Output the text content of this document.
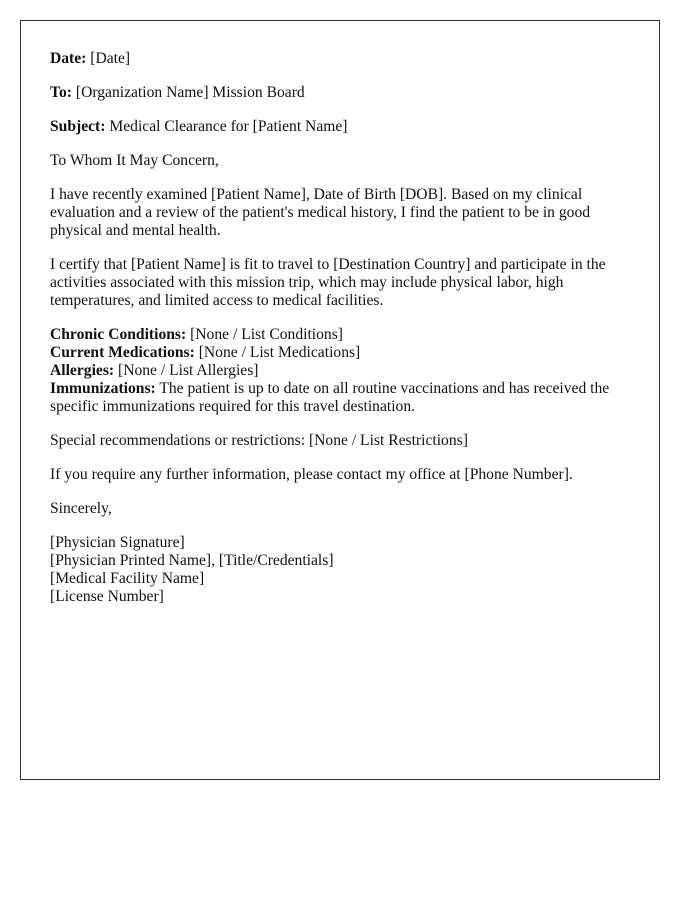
Date: [Date]

To: [Organization Name] Mission Board

Subject: Medical Clearance for [Patient Name]

To Whom It May Concern,

I have recently examined [Patient Name], Date of Birth [DOB]. Based on my clinical evaluation and a review of the patient's medical history, I find the patient to be in good physical and mental health.

I certify that [Patient Name] is fit to travel to [Destination Country] and participate in the activities associated with this mission trip, which may include physical labor, high temperatures, and limited access to medical facilities.

Chronic Conditions: [None / List Conditions]
Current Medications: [None / List Medications]
Allergies: [None / List Allergies]
Immunizations: The patient is up to date on all routine vaccinations and has received the specific immunizations required for this travel destination.

Special recommendations or restrictions: [None / List Restrictions]

If you require any further information, please contact my office at [Phone Number].

Sincerely,

[Physician Signature]
[Physician Printed Name], [Title/Credentials]
[Medical Facility Name]
[License Number]
